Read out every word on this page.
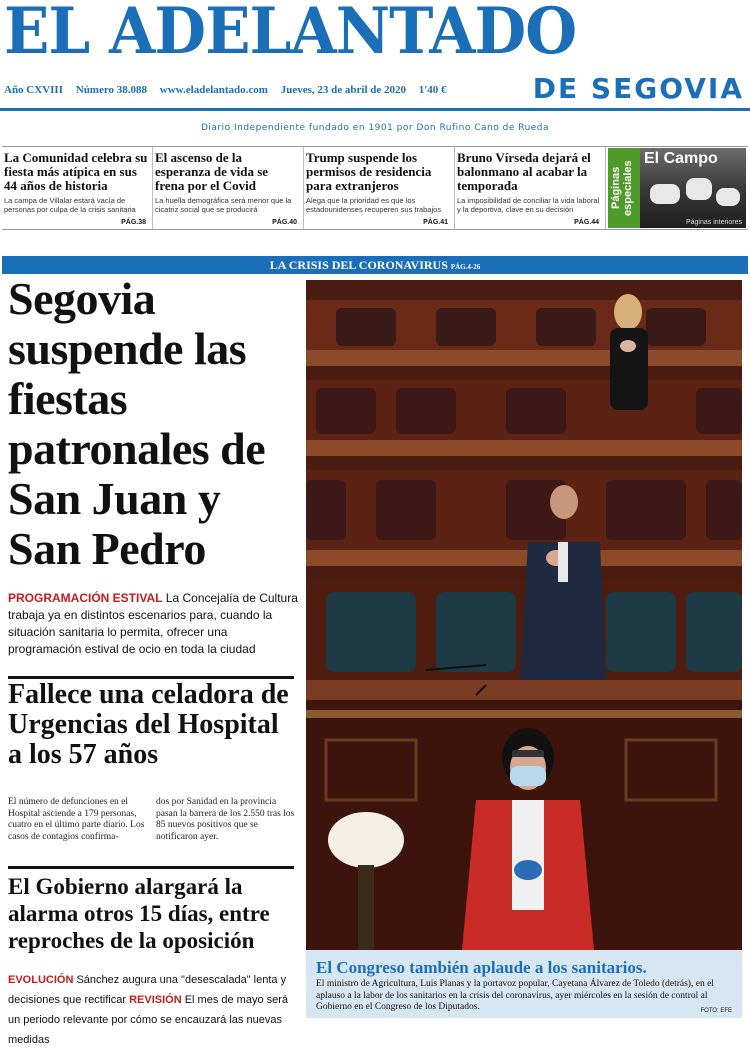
EL ADELANTADO
DE SEGOVIA
Año CXVIII Número 38.088 www.eladelantado.com Jueves, 23 de abril de 2020 1'40 €
Diario Independiente fundado en 1901 por Don Rufino Cano de Rueda
La Comunidad celebra su fiesta más atípica en sus 44 años de historia

La campa de Villalar estará vacía de personas por culpa de la crisis sanitaria

PÁG.38
El ascenso de la esperanza de vida se frena por el Covid

La huella demográfica será menor que la cicatriz social que se producirá

PÁG.40
Trump suspende los permisos de residencia para extranjeros

Alega que la prioridad es que los estadounidenses recuperen sus trabajos

PÁG.41
Bruno Vírseda dejará el balonmano al acabar la temporada

La imposibilidad de conciliar la vida laboral y la deportiva, clave en su decisión

PÁG.44
Páginas especiales
El Campo
Páginas interiores
LA CRISIS DEL CORONAVIRUS PÁG.4-26
Segovia suspende las fiestas patronales de San Juan y San Pedro

PROGRAMACIÓN ESTIVAL La Concejalía de Cultura trabaja ya en distintos escenarios para, cuando la situación sanitaria lo permita, ofrecer una programación estival de ocio en toda la ciudad

Fallece una celadora de Urgencias del Hospital a los 57 años

El número de defunciones en el Hospital asciende a 179 personas, cuatro en el último parte diario. Los casos de contagios confirma-

dos por Sanidad en la provincia pasan la barrera de los 2.550 tras los 85 nuevos positivos que se notificaron ayer.

El Gobierno alargará la alarma otros 15 días, entre reproches de la oposición

EVOLUCIÓN Sánchez augura una "desescalada" lenta y decisiones que rectificar REVISIÓN El mes de mayo será un periodo relevante por cómo se encauzará las nuevas medidas

El Congreso también aplaude a los sanitarios.
El ministro de Agricultura, Luis Planas y la portavoz popular, Cayetana Álvarez de Toledo (detrás), en el aplauso a la labor de los sanitarios en la crisis del coronavirus, ayer miércoles en la sesión de control al Gobierno en el Congreso de los Diputados.	FOTO: EFE
